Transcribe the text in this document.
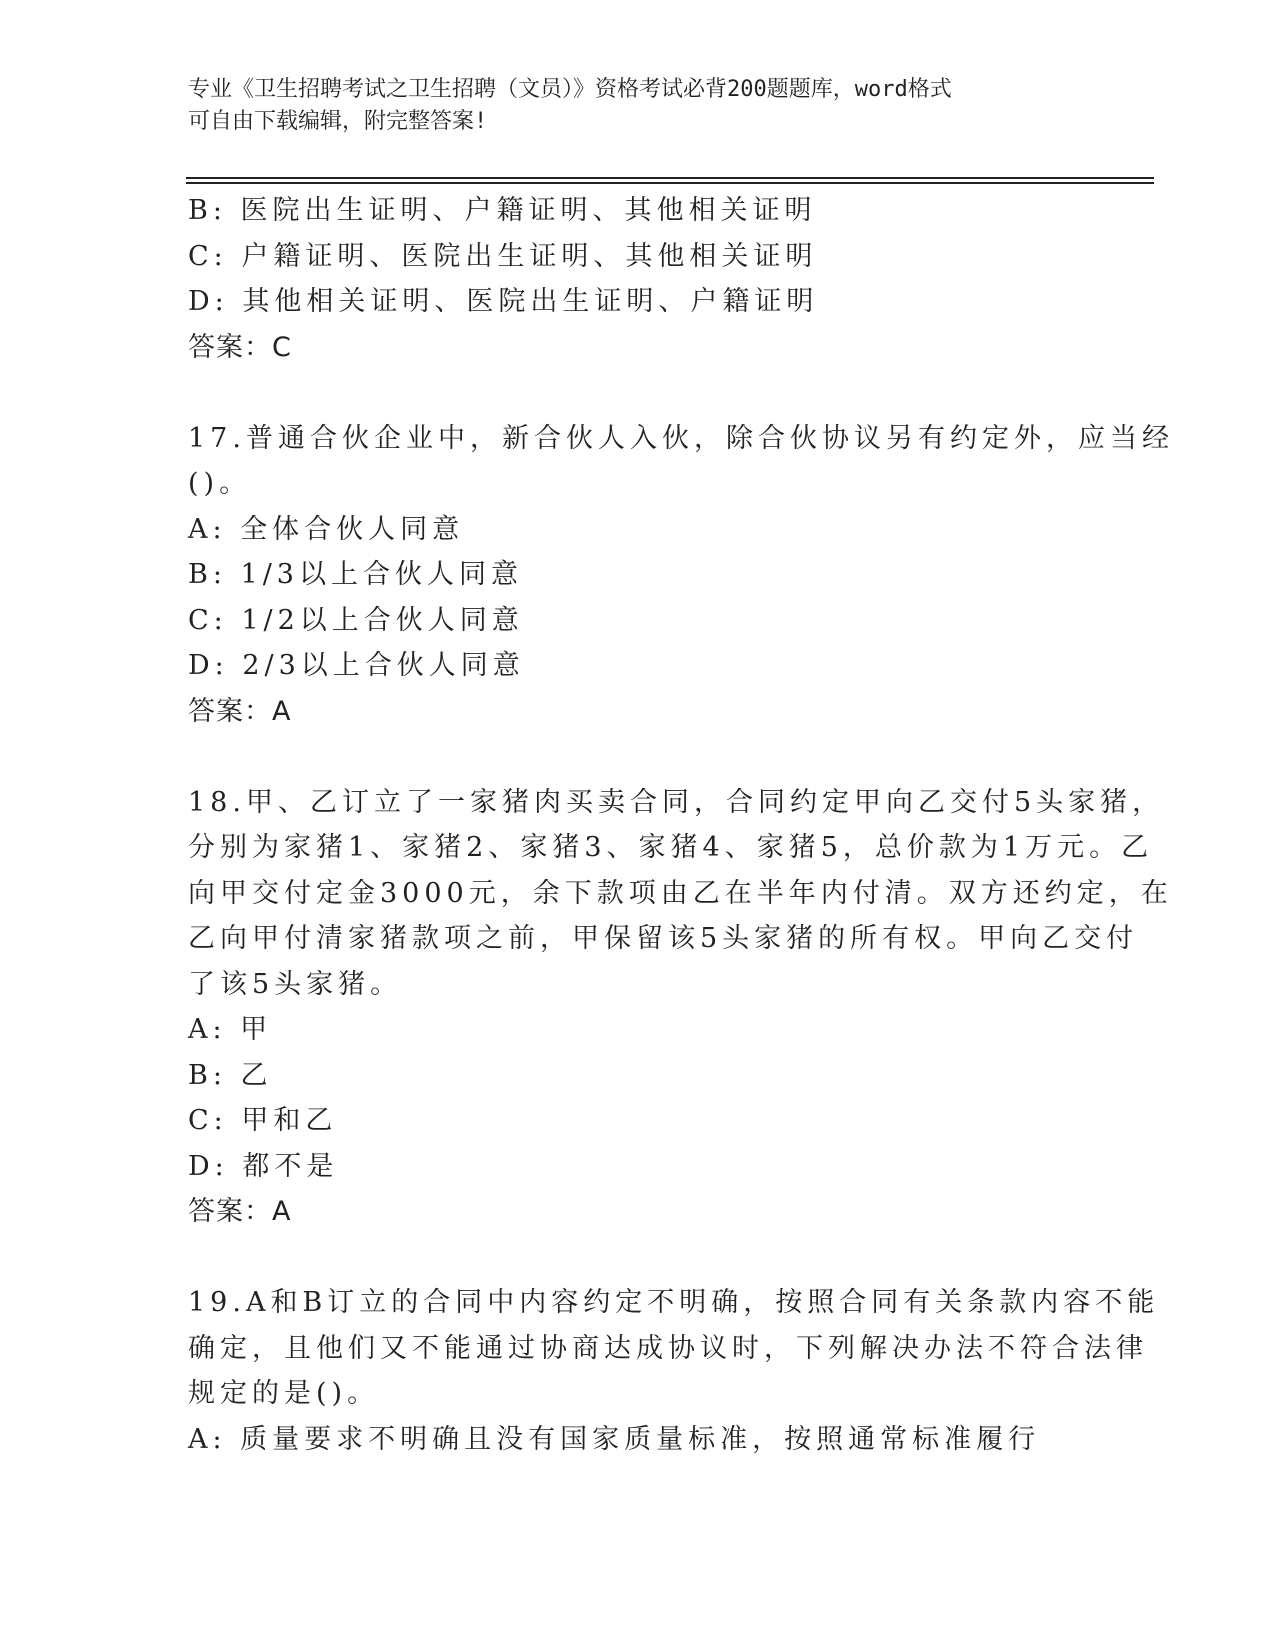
专业《卫生招聘考试之卫生招聘（文员）》资格考试必背200题题库，word格式
可自由下载编辑，附完整答案!
B: 医院出生证明、户籍证明、其他相关证明
C: 户籍证明、医院出生证明、其他相关证明
D: 其他相关证明、医院出生证明、户籍证明
答案：C
17.普通合伙企业中，新合伙人入伙，除合伙协议另有约定外，应当经
()。
A: 全体合伙人同意
B: 1/3以上合伙人同意
C: 1/2以上合伙人同意
D: 2/3以上合伙人同意
答案：A
18.甲、乙订立了一家猪肉买卖合同，合同约定甲向乙交付5头家猪，
分别为家猪1、家猪2、家猪3、家猪4、家猪5，总价款为1万元。乙
向甲交付定金3000元，余下款项由乙在半年内付清。双方还约定，在
乙向甲付清家猪款项之前，甲保留该5头家猪的所有权。甲向乙交付
了该5头家猪。
A: 甲
B: 乙
C: 甲和乙
D: 都不是
答案：A
19.A和B订立的合同中内容约定不明确，按照合同有关条款内容不能
确定，且他们又不能通过协商达成协议时，下列解决办法不符合法律
规定的是()。
A: 质量要求不明确且没有国家质量标准，按照通常标准履行
